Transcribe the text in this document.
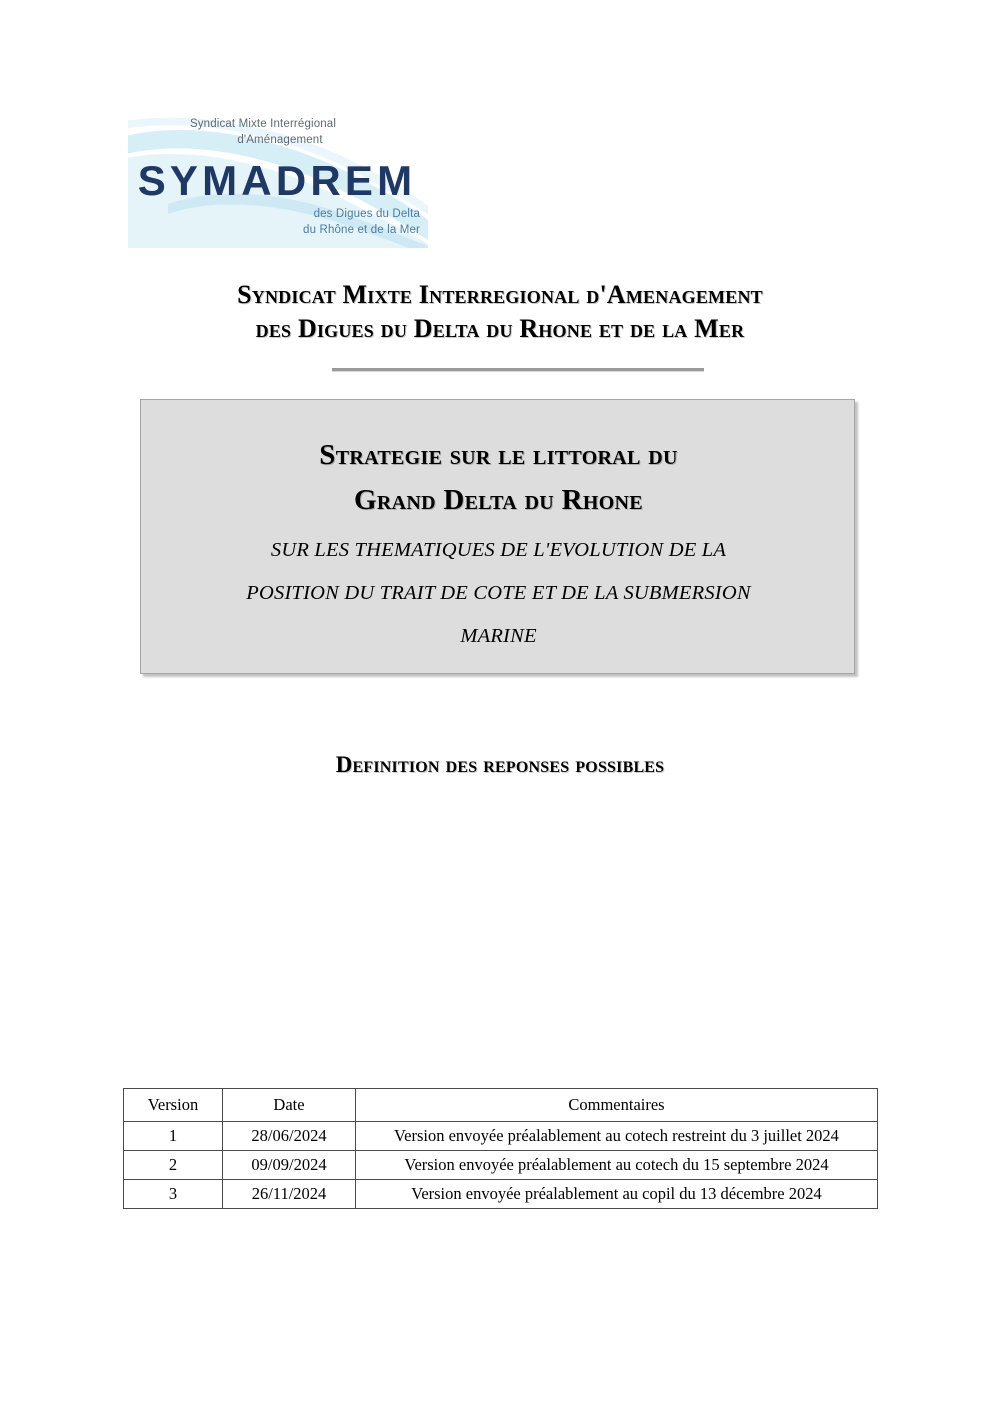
Syndicat Mixte Interrégional
d'Aménagement
SYMADREM
des Digues du Delta
du Rhône et de la Mer
Syndicat Mixte Interregional d'Amenagement
des Digues du Delta du Rhone et de la Mer
Strategie sur le littoral du
Grand Delta du Rhone
SUR LES THEMATIQUES DE L'EVOLUTION DE LA
POSITION DU TRAIT DE COTE ET DE LA SUBMERSION
MARINE
Definition des reponses possibles
Version	Date	Commentaires
1	28/06/2024	Version envoyée préalablement au cotech restreint du 3 juillet 2024
2	09/09/2024	Version envoyée préalablement au cotech du 15 septembre 2024
3	26/11/2024	Version envoyée préalablement au copil du 13 décembre 2024
